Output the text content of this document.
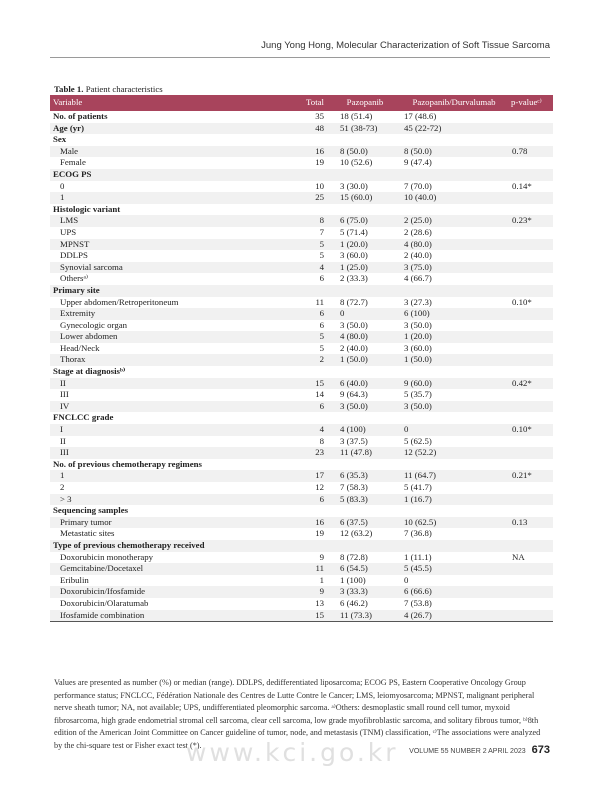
Jung Yong Hong, Molecular Characterization of Soft Tissue Sarcoma
Table 1. Patient characteristics
Variable	Total	Pazopanib	Pazopanib/Durvalumab	p-valueᶜ⁾
No. of patients	35	18 (51.4)	17 (48.6)	
Age (yr)	48	51 (38-73)	45 (22-72)	
Sex				
Male	16	8 (50.0)	8 (50.0)	0.78
Female	19	10 (52.6)	9 (47.4)	
ECOG PS				
0	10	3 (30.0)	7 (70.0)	0.14*
1	25	15 (60.0)	10 (40.0)	
Histologic variant				
LMS	8	6 (75.0)	2 (25.0)	0.23*
UPS	7	5 (71.4)	2 (28.6)	
MPNST	5	1 (20.0)	4 (80.0)	
DDLPS	5	3 (60.0)	2 (40.0)	
Synovial sarcoma	4	1 (25.0)	3 (75.0)	
Othersᵃ⁾	6	2 (33.3)	4 (66.7)	
Primary site				
Upper abdomen/Retroperitoneum	11	8 (72.7)	3 (27.3)	0.10*
Extremity	6	0	6 (100)	
Gynecologic organ	6	3 (50.0)	3 (50.0)	
Lower abdomen	5	4 (80.0)	1 (20.0)	
Head/Neck	5	2 (40.0)	3 (60.0)	
Thorax	2	1 (50.0)	1 (50.0)	
Stage at diagnosisᵇ⁾				
II	15	6 (40.0)	9 (60.0)	0.42*
III	14	9 (64.3)	5 (35.7)	
IV	6	3 (50.0)	3 (50.0)	
FNCLCC grade				
I	4	4 (100)	0	0.10*
II	8	3 (37.5)	5 (62.5)	
III	23	11 (47.8)	12 (52.2)	
No. of previous chemotherapy regimens				
1	17	6 (35.3)	11 (64.7)	0.21*
2	12	7 (58.3)	5 (41.7)	
> 3	6	5 (83.3)	1 (16.7)	
Sequencing samples				
Primary tumor	16	6 (37.5)	10 (62.5)	0.13
Metastatic sites	19	12 (63.2)	7 (36.8)	
Type of previous chemotherapy received				
Doxorubicin monotherapy	9	8 (72.8)	1 (11.1)	NA
Gemcitabine/Docetaxel	11	6 (54.5)	5 (45.5)	
Eribulin	1	1 (100)	0	
Doxorubicin/Ifosfamide	9	3 (33.3)	6 (66.6)	
Doxorubicin/Olaratumab	13	6 (46.2)	7 (53.8)	
Ifosfamide combination	15	11 (73.3)	4 (26.7)	
Values are presented as number (%) or median (range). DDLPS, dedifferentiated liposarcoma; ECOG PS, Eastern Cooperative Oncology Group performance status; FNCLCC, Fédération Nationale des Centres de Lutte Contre le Cancer; LMS, leiomyosarcoma; MPNST, malignant peripheral nerve sheath tumor; NA, not available; UPS, undifferentiated pleomorphic sarcoma. ᵃ⁾Others: desmoplastic small round cell tumor, myxoid fibrosarcoma, high grade endometrial stromal cell sarcoma, clear cell sarcoma, low grade myofibroblastic sarcoma, and solitary fibrous tumor, ᵇ⁾8th edition of the American Joint Committee on Cancer guideline of tumor, node, and metastasis (TNM) classification, ᶜ⁾The associations were analyzed by the chi-square test or Fisher exact test (*).
www.kci.go.kr VOLUME 55 NUMBER 2 APRIL 2023 673
